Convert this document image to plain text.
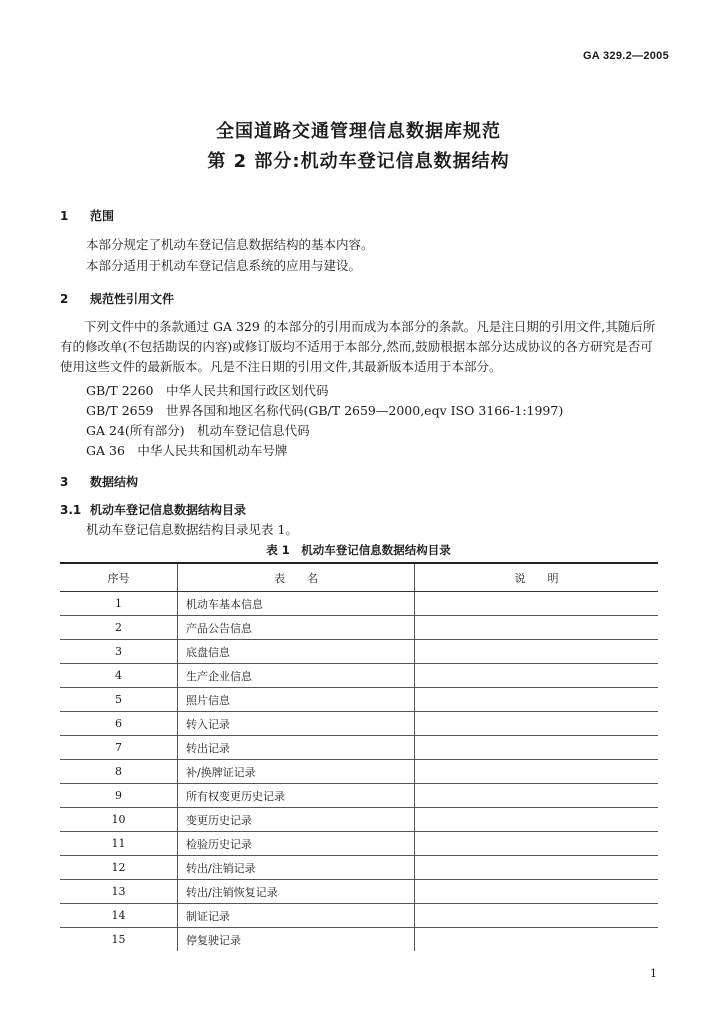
GA 329.2—2005
全国道路交通管理信息数据库规范
第 2 部分:机动车登记信息数据结构
1 范围
本部分规定了机动车登记信息数据结构的基本内容。
本部分适用于机动车登记信息系统的应用与建设。
2 规范性引用文件
下列文件中的条款通过 GA 329 的本部分的引用而成为本部分的条款。凡是注日期的引用文件,其随后所有的修改单(不包括勘误的内容)或修订版均不适用于本部分,然而,鼓励根据本部分达成协议的各方研究是否可使用这些文件的最新版本。凡是不注日期的引用文件,其最新版本适用于本部分。
GB/T 2260　中华人民共和国行政区划代码
GB/T 2659　世界各国和地区名称代码(GB/T 2659—2000,eqv ISO 3166-1:1997)
GA 24(所有部分)　机动车登记信息代码
GA 36　中华人民共和国机动车号牌
3 数据结构
3.1 机动车登记信息数据结构目录
机动车登记信息数据结构目录见表 1。
表 1　机动车登记信息数据结构目录
序号	表　　名	说　　明
1	机动车基本信息	
2	产品公告信息	
3	底盘信息	
4	生产企业信息	
5	照片信息	
6	转入记录	
7	转出记录	
8	补/换牌证记录	
9	所有权变更历史记录	
10	变更历史记录	
11	检验历史记录	
12	转出/注销记录	
13	转出/注销恢复记录	
14	制证记录	
15	停复驶记录	
1
